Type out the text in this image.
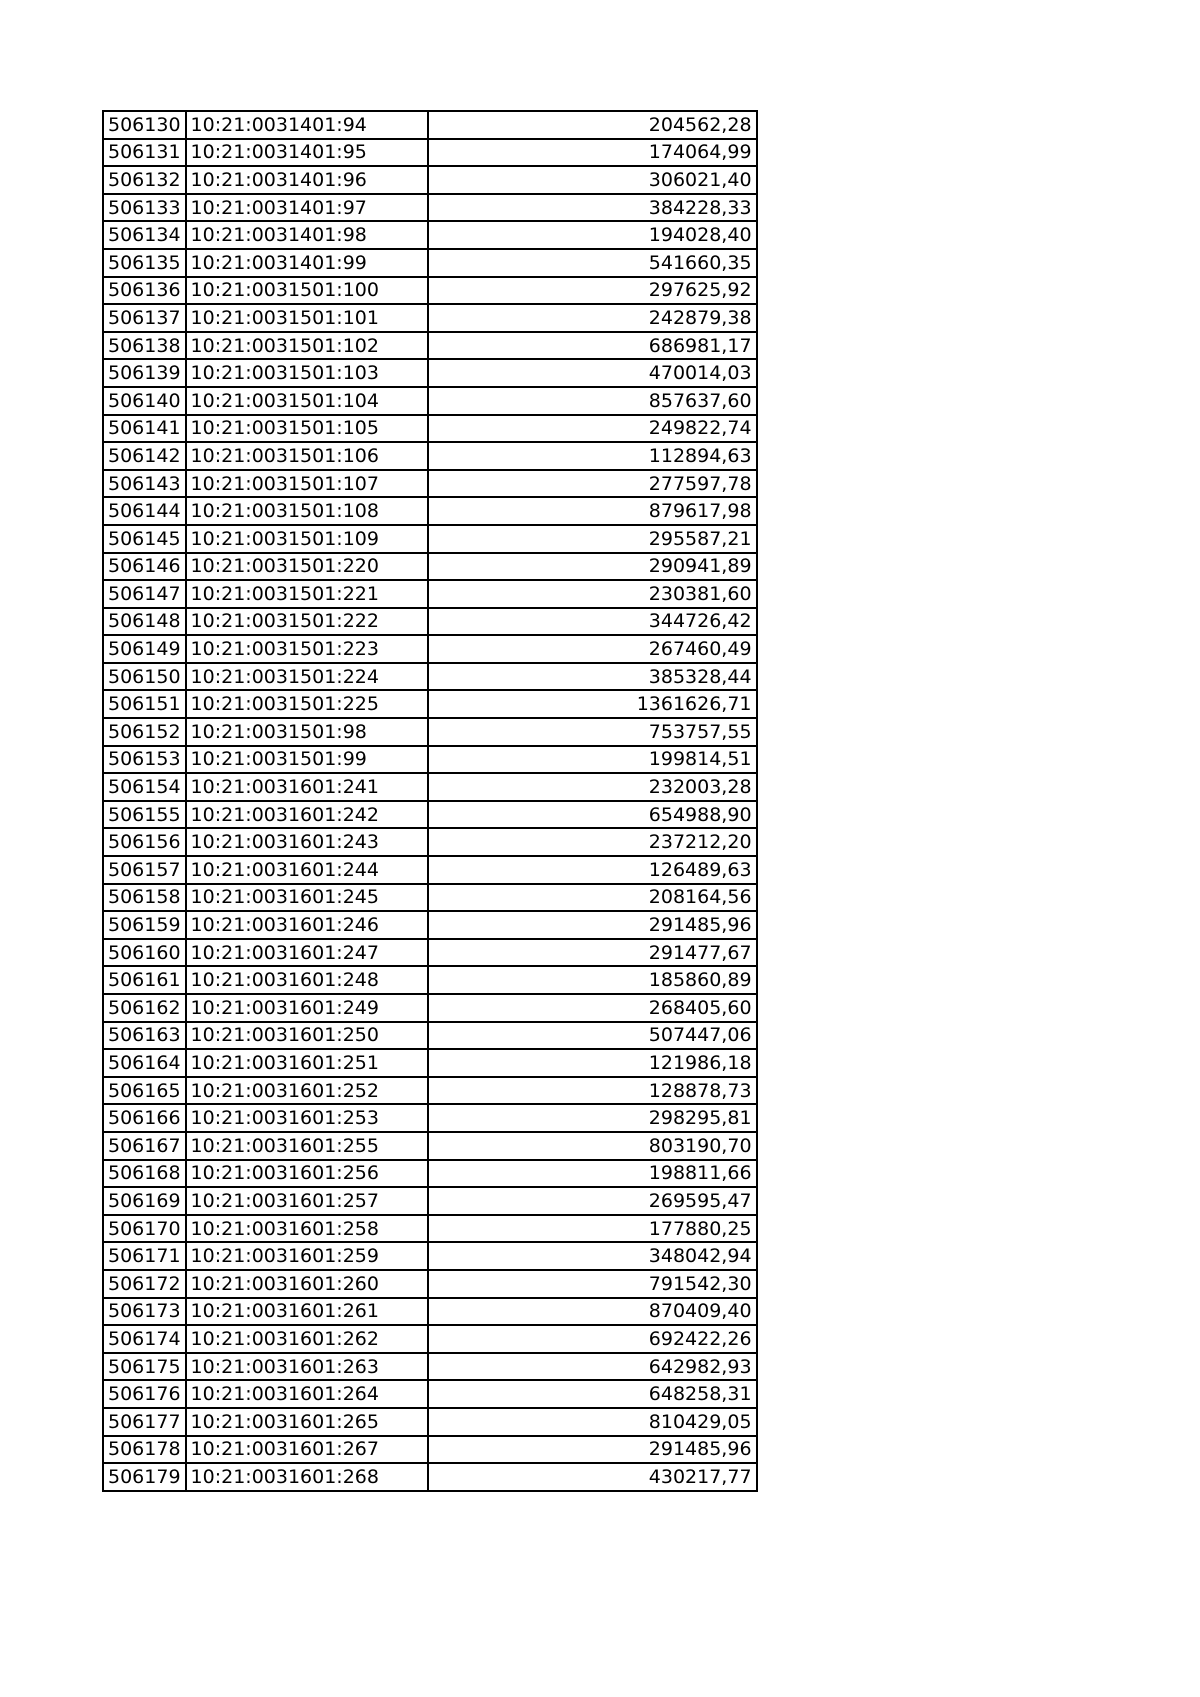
506130	10:21:0031401:94	204562,28
506131	10:21:0031401:95	174064,99
506132	10:21:0031401:96	306021,40
506133	10:21:0031401:97	384228,33
506134	10:21:0031401:98	194028,40
506135	10:21:0031401:99	541660,35
506136	10:21:0031501:100	297625,92
506137	10:21:0031501:101	242879,38
506138	10:21:0031501:102	686981,17
506139	10:21:0031501:103	470014,03
506140	10:21:0031501:104	857637,60
506141	10:21:0031501:105	249822,74
506142	10:21:0031501:106	112894,63
506143	10:21:0031501:107	277597,78
506144	10:21:0031501:108	879617,98
506145	10:21:0031501:109	295587,21
506146	10:21:0031501:220	290941,89
506147	10:21:0031501:221	230381,60
506148	10:21:0031501:222	344726,42
506149	10:21:0031501:223	267460,49
506150	10:21:0031501:224	385328,44
506151	10:21:0031501:225	1361626,71
506152	10:21:0031501:98	753757,55
506153	10:21:0031501:99	199814,51
506154	10:21:0031601:241	232003,28
506155	10:21:0031601:242	654988,90
506156	10:21:0031601:243	237212,20
506157	10:21:0031601:244	126489,63
506158	10:21:0031601:245	208164,56
506159	10:21:0031601:246	291485,96
506160	10:21:0031601:247	291477,67
506161	10:21:0031601:248	185860,89
506162	10:21:0031601:249	268405,60
506163	10:21:0031601:250	507447,06
506164	10:21:0031601:251	121986,18
506165	10:21:0031601:252	128878,73
506166	10:21:0031601:253	298295,81
506167	10:21:0031601:255	803190,70
506168	10:21:0031601:256	198811,66
506169	10:21:0031601:257	269595,47
506170	10:21:0031601:258	177880,25
506171	10:21:0031601:259	348042,94
506172	10:21:0031601:260	791542,30
506173	10:21:0031601:261	870409,40
506174	10:21:0031601:262	692422,26
506175	10:21:0031601:263	642982,93
506176	10:21:0031601:264	648258,31
506177	10:21:0031601:265	810429,05
506178	10:21:0031601:267	291485,96
506179	10:21:0031601:268	430217,77
